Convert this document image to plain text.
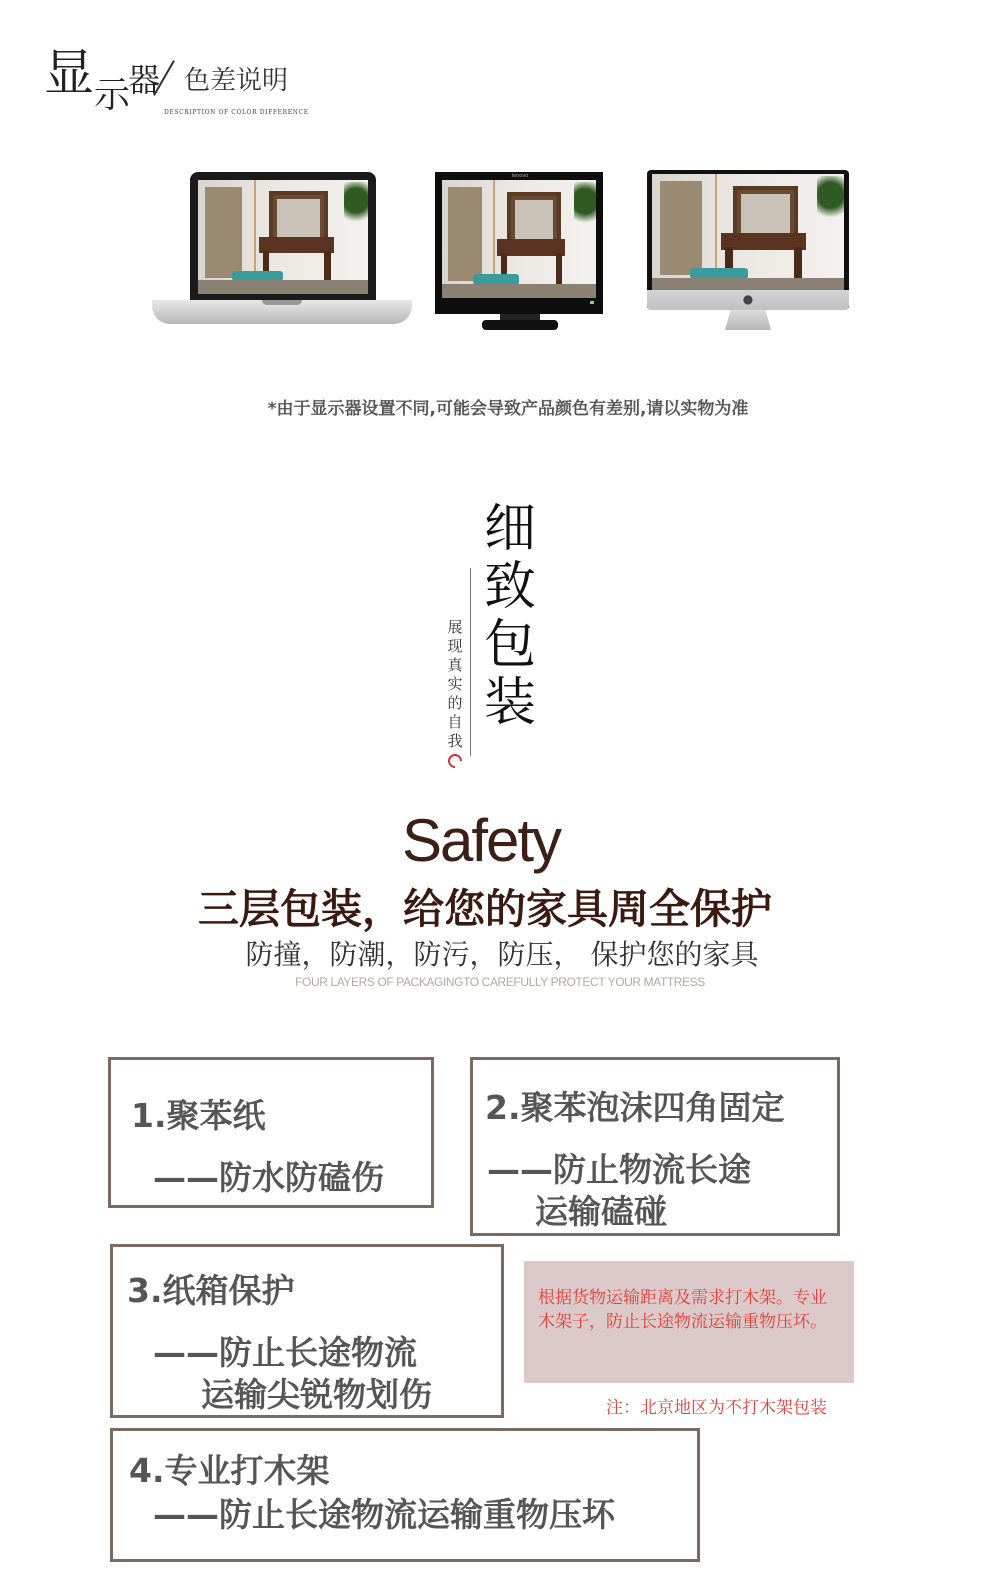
显 示
器 色差说明
DESCRIPTION OF COLOR DIFFERENCE
lenovo
●
*由于显示器设置不同,可能会导致产品颜色有差别,请以实物为准
细
致
包
装
展
现
真
实
的
自
我
Safety
三层包装，给您的家具周全保护
防撞，防潮，防污，防压， 保护您的家具
FOUR LAYERS OF PACKAGINGTO CAREFULLY PROTECT YOUR MATTRESS
1.聚苯纸
——防水防磕伤
2.聚苯泡沫四角固定
——防止物流长途
运输磕碰
3.纸箱保护
——防止长途物流
运输尖锐物划伤
4.专业打木架
——防止长途物流运输重物压坏
根据货物运输距离及需求打木架。专业木架子，防止长途物流运输重物压坏。
注：北京地区为不打木架包装
